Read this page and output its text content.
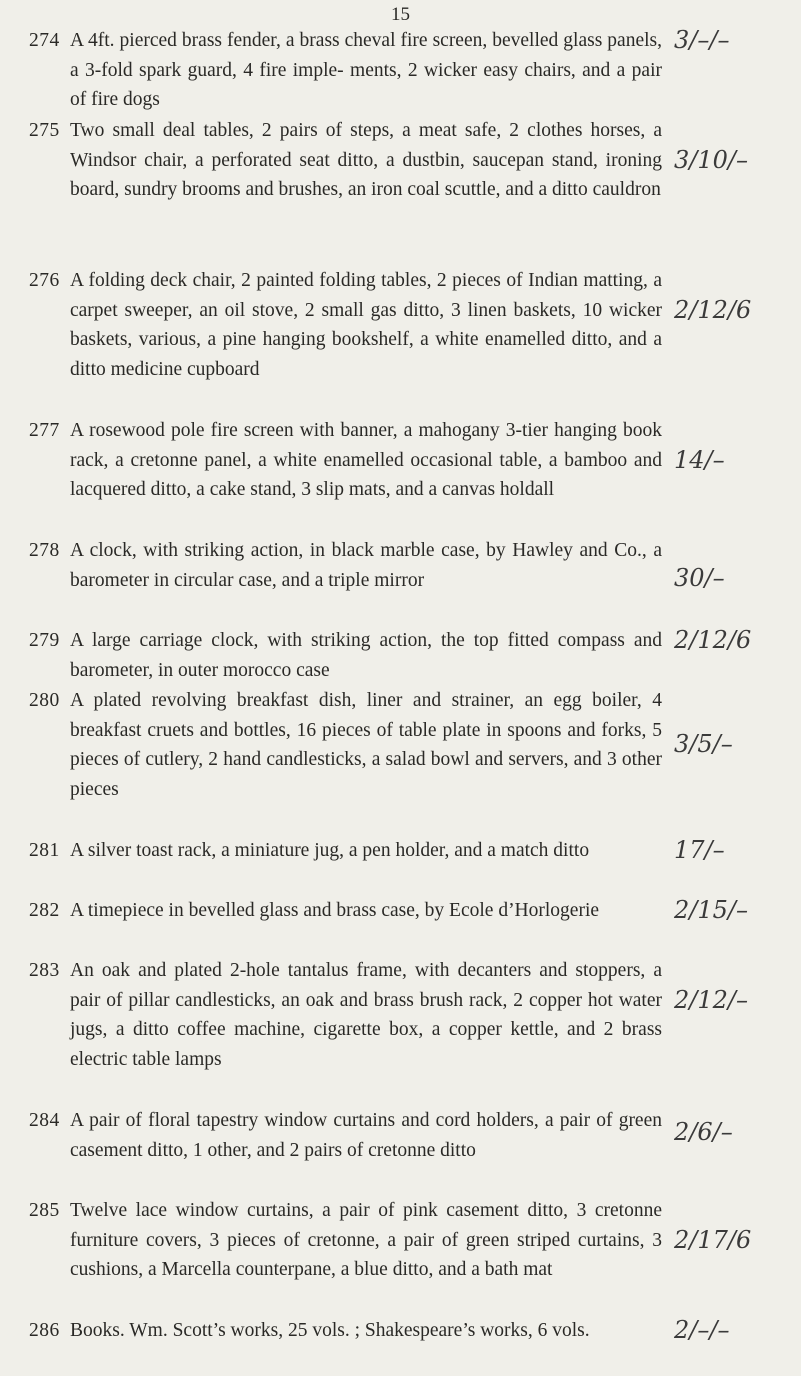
15
274 A 4ft. pierced brass fender, a brass cheval fire screen, bevelled glass panels, a 3-fold spark guard, 4 fire imple- ments, 2 wicker easy chairs, and a pair of fire dogs
3/–/–
275 Two small deal tables, 2 pairs of steps, a meat safe, 2 clothes horses, a Windsor chair, a perforated seat ditto, a dustbin, saucepan stand, ironing board, sundry brooms and brushes, an iron coal scuttle, and a ditto cauldron
3/10/–
276 A folding deck chair, 2 painted folding tables, 2 pieces of Indian matting, a carpet sweeper, an oil stove, 2 small gas ditto, 3 linen baskets, 10 wicker baskets, various, a pine hanging bookshelf, a white enamelled ditto, and a ditto medicine cupboard
2/12/6
277 A rosewood pole fire screen with banner, a mahogany 3-tier hanging book rack, a cretonne panel, a white enamelled occasional table, a bamboo and lacquered ditto, a cake stand, 3 slip mats, and a canvas holdall
14/–
278 A clock, with striking action, in black marble case, by Hawley and Co., a barometer in circular case, and a triple mirror	30/–
279 A large carriage clock, with striking action, the top fitted compass and barometer, in outer morocco case
2/12/6
280 A plated revolving breakfast dish, liner and strainer, an egg boiler, 4 breakfast cruets and bottles, 16 pieces of table plate in spoons and forks, 5 pieces of cutlery, 2 hand candlesticks, a salad bowl and servers, and 3 other pieces
3/5/–
281 A silver toast rack, a miniature jug, a pen holder, and a match ditto	17/–
282 A timepiece in bevelled glass and brass case, by Ecole d’Horlogerie	2/15/–
283 An oak and plated 2-hole tantalus frame, with decanters and stoppers, a pair of pillar candlesticks, an oak and brass brush rack, 2 copper hot water jugs, a ditto coffee machine, cigarette box, a copper kettle, and 2 brass electric table lamps
2/12/–
284 A pair of floral tapestry window curtains and cord holders, a pair of green casement ditto, 1 other, and 2 pairs of cretonne ditto
2/6/–
285 Twelve lace window curtains, a pair of pink casement ditto, 3 cretonne furniture covers, 3 pieces of cretonne, a pair of green striped curtains, 3 cushions, a Marcella counterpane, a blue ditto, and a bath mat
2/17/6
286 Books. Wm. Scott’s works, 25 vols. ; Shakespeare’s works, 6 vols.	2/–/–
